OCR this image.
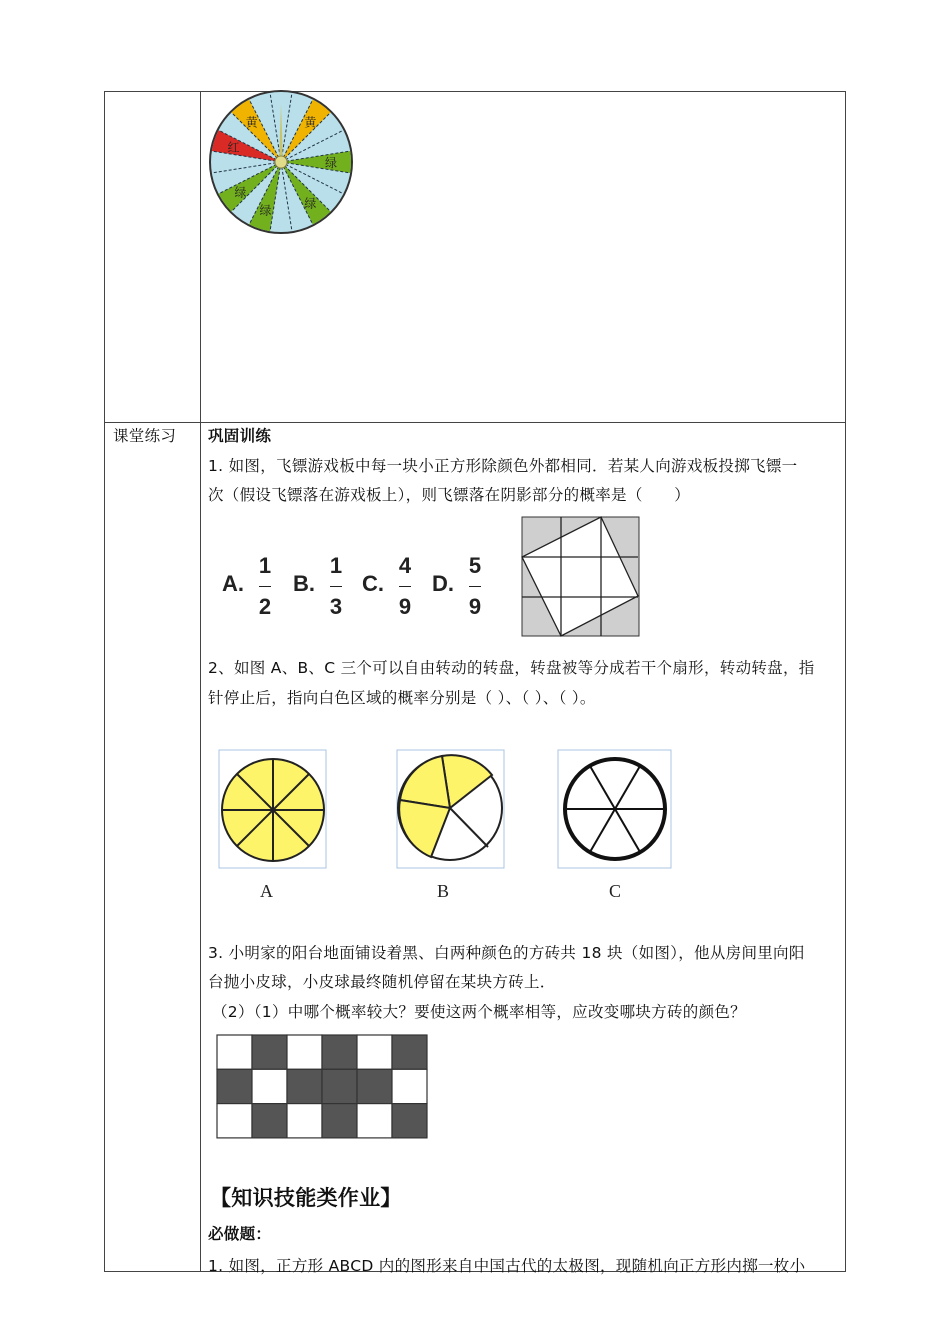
黄
绿
绿
绿
绿
红
黄
课堂练习 巩固训练
1. 如图，飞镖游戏板中每一块小正方形除颜色外都相同．若某人向游戏板投掷飞镖一
次（假设飞镖落在游戏板上），则飞镖落在阴影部分的概率是（　　）
A.
1
2
B.
1
3
C.
4
9
D.
5
9
2、如图 A、B、C 三个可以自由转动的转盘，转盘被等分成若干个扇形，转动转盘，指
针停止后，指向白色区域的概率分别是（ ）、（ ）、（ ）。
A	B	C
3. 小明家的阳台地面铺设着黑、白两种颜色的方砖共 18 块（如图），他从房间里向阳
台抛小皮球，小皮球最终随机停留在某块方砖上．
（2）（1）中哪个概率较大？要使这两个概率相等，应改变哪块方砖的颜色？
【知识技能类作业】
必做题：
1. 如图，正方形 ABCD 内的图形来自中国古代的太极图，现随机向正方形内掷一枚小
